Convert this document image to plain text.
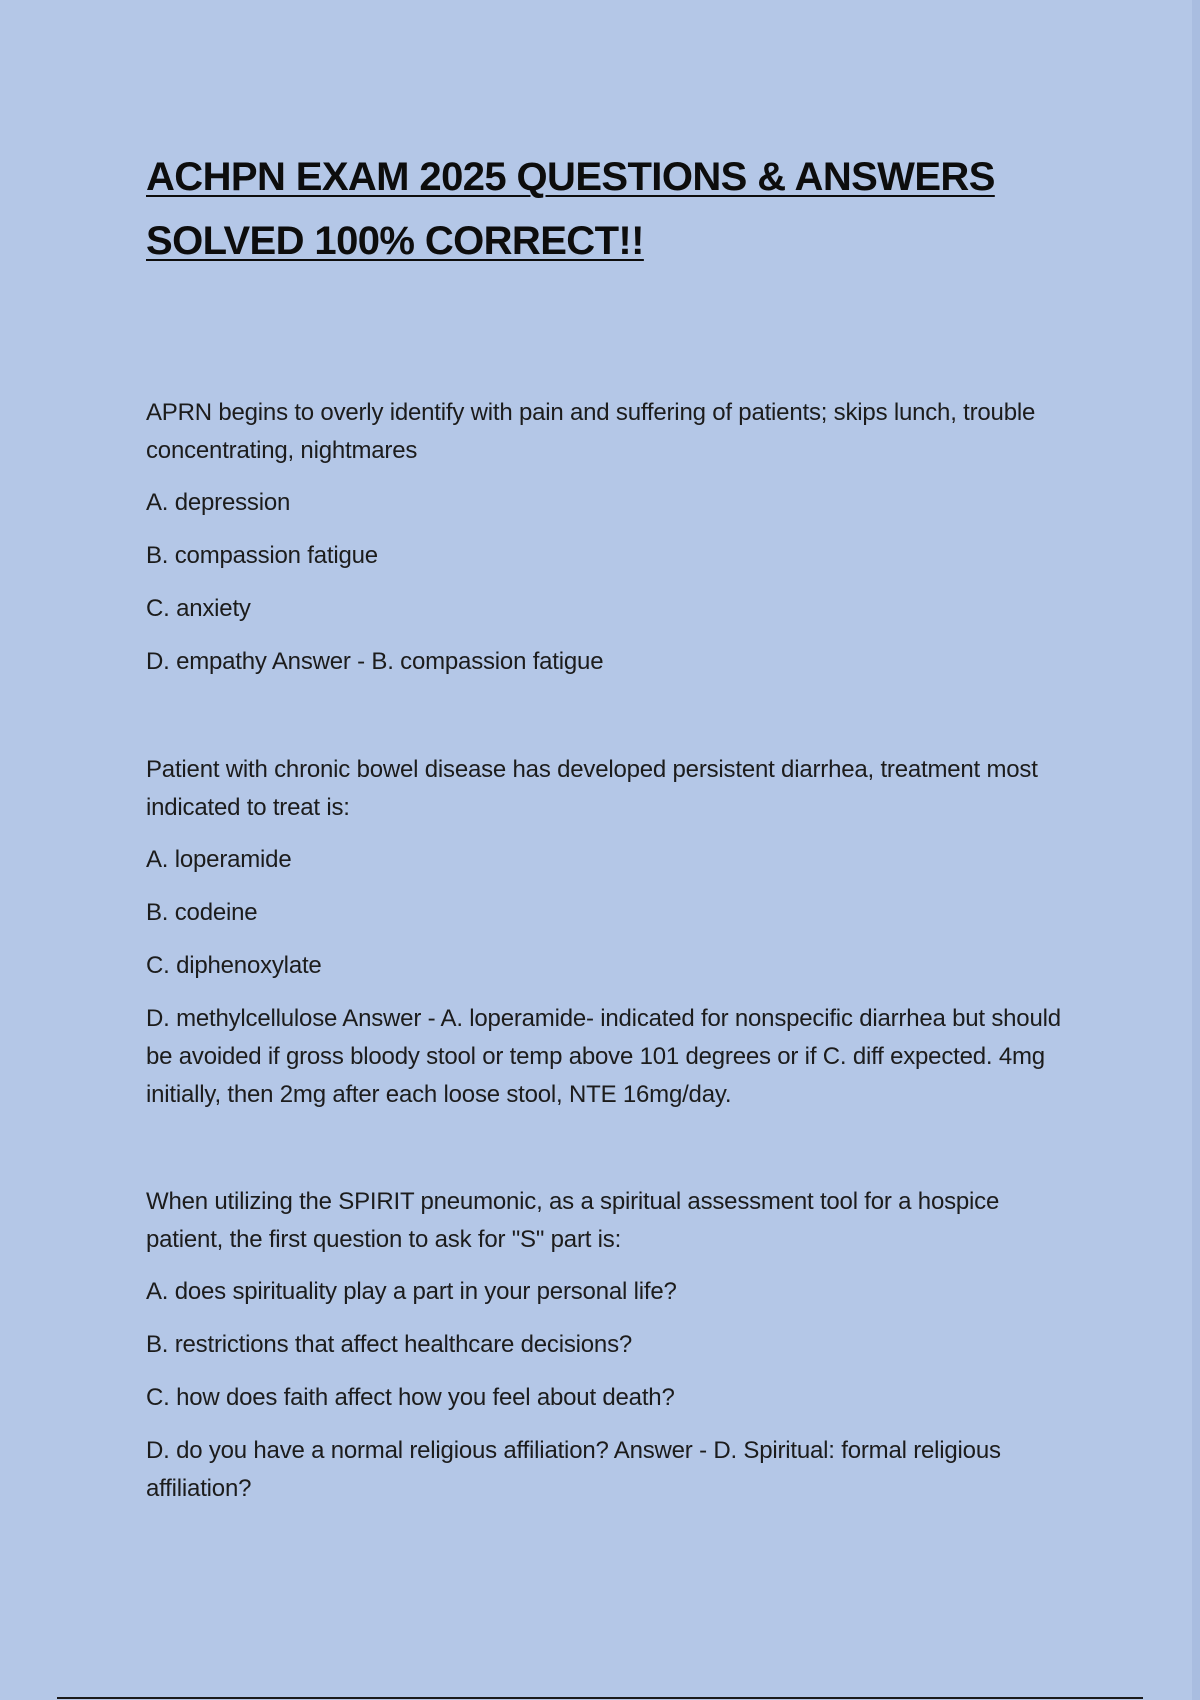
ACHPN EXAM 2025 QUESTIONS & ANSWERS
SOLVED 100% CORRECT!!

APRN begins to overly identify with pain and suffering of patients; skips lunch, trouble concentrating, nightmares

A. depression

B. compassion fatigue

C. anxiety

D. empathy Answer - B. compassion fatigue

Patient with chronic bowel disease has developed persistent diarrhea, treatment most indicated to treat is:

A. loperamide

B. codeine

C. diphenoxylate

D. methylcellulose Answer - A. loperamide- indicated for nonspecific diarrhea but should be avoided if gross bloody stool or temp above 101 degrees or if C. diff expected. 4mg initially, then 2mg after each loose stool, NTE 16mg/day.

When utilizing the SPIRIT pneumonic, as a spiritual assessment tool for a hospice patient, the first question to ask for "S" part is:

A. does spirituality play a part in your personal life?

B. restrictions that affect healthcare decisions?

C. how does faith affect how you feel about death?

D. do you have a normal religious affiliation? Answer - D. Spiritual: formal religious affiliation?
